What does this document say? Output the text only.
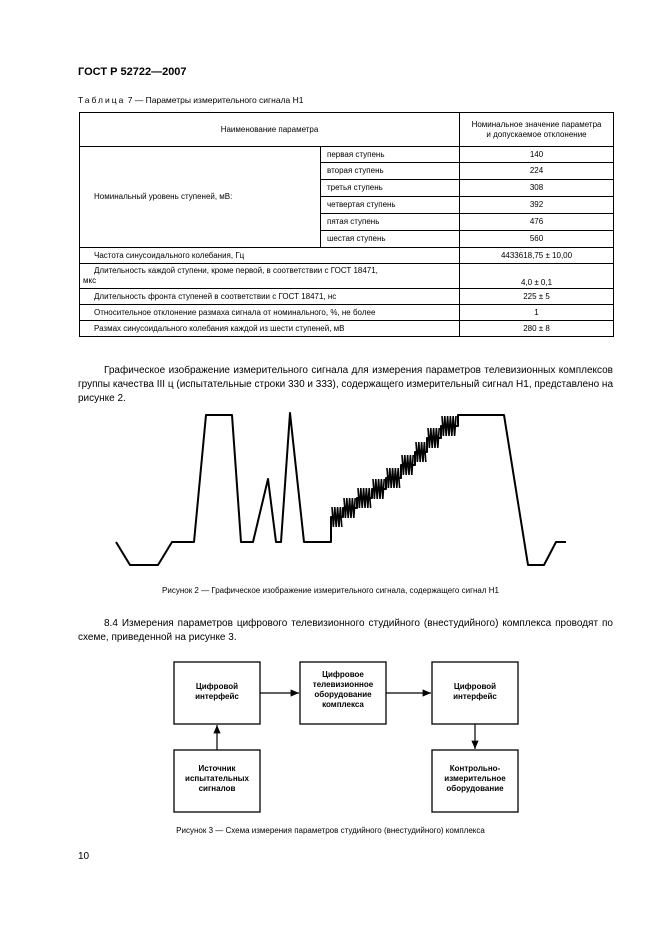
ГОСТ Р 52722—2007
Таблица 7 — Параметры измерительного сигнала Н1
Наименование параметра		Номинальное значение параметра
и допускаемое отклонение
Номинальный уровень ступеней, мВ:	первая ступень	140
	вторая ступень	224
	третья ступень	308
	четвертая ступень	392
	пятая ступень	476
	шестая ступень	560
Частота синусоидального колебания, Гц		4433618,75 ± 10,00
Длительность каждой ступени, кроме первой, в соответствии с ГОСТ 18471,
мкс		4,0 ± 0,1
Длительность фронта ступеней в соответствии с ГОСТ 18471, нс		225 ± 5
Относительное отклонение размаха сигнала от номинального, %, не более		1
Размах синусоидального колебания каждой из шести ступеней, мВ		280 ± 8
Графическое изображение измерительного сигнала для измерения параметров телевизионных комплексов группы качества III ц (испытательные строки 330 и 333), содержащего измерительный сигнал Н1, представлено на рисунке 2.
Рисунок 2 — Графическое изображение измерительного сигнала, содержащего сигнал Н1
8.4 Измерения параметров цифрового телевизионного студийного (внестудийного) комплекса проводят по схеме, приведенной на рисунке 3.
Цифровой
интерфейс
Цифровое
телевизионное
оборудование
комплекса
Цифровой
интерфейс
Источник
испытательных
сигналов
Контрольно-
измерительное
оборудование
Рисунок 3 — Схема измерения параметров студийного (внестудийного) комплекса
10
